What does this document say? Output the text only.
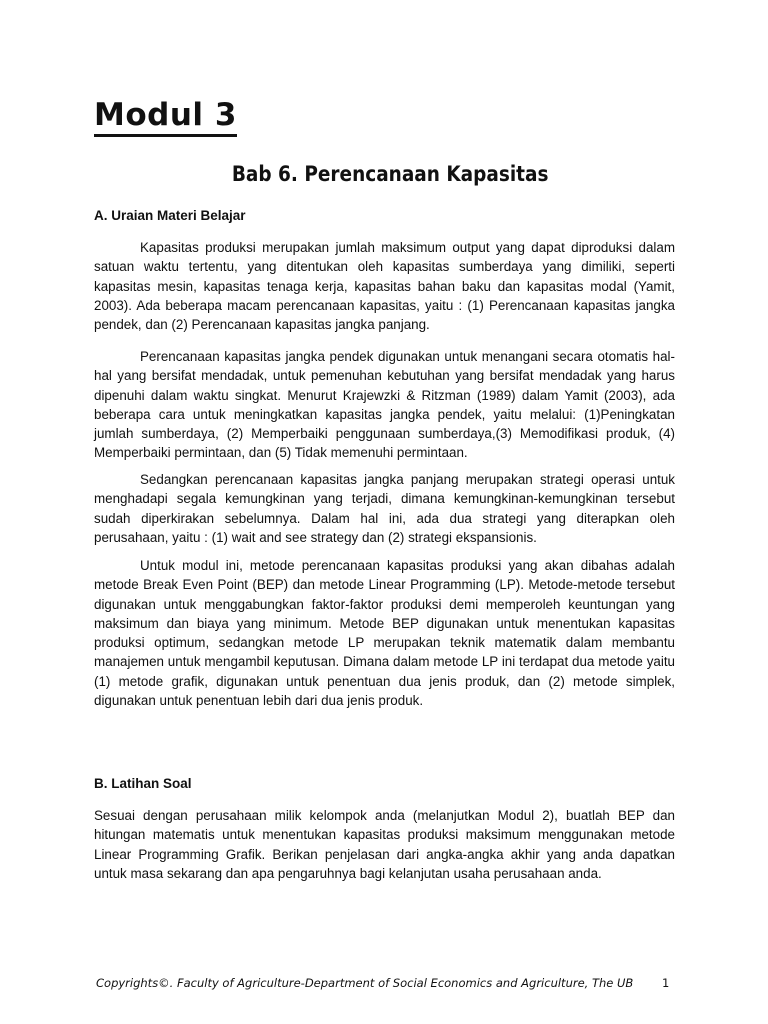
Modul 3
Bab 6. Perencanaan Kapasitas
A. Uraian Materi Belajar

Kapasitas produksi merupakan jumlah maksimum output yang dapat diproduksi dalam satuan waktu tertentu, yang ditentukan oleh kapasitas sumberdaya yang dimiliki, seperti kapasitas mesin, kapasitas tenaga kerja, kapasitas bahan baku dan kapasitas modal (Yamit, 2003). Ada beberapa macam perencanaan kapasitas, yaitu : (1) Perencanaan kapasitas jangka pendek, dan (2) Perencanaan kapasitas jangka panjang.

Perencanaan kapasitas jangka pendek digunakan untuk menangani secara otomatis hal-hal yang bersifat mendadak, untuk pemenuhan kebutuhan yang bersifat mendadak yang harus dipenuhi dalam waktu singkat. Menurut Krajewzki & Ritzman (1989) dalam Yamit (2003), ada beberapa cara untuk meningkatkan kapasitas jangka pendek, yaitu melalui: (1)Peningkatan jumlah sumberdaya, (2) Memperbaiki penggunaan sumberdaya,(3) Memodifikasi produk, (4) Memperbaiki permintaan, dan (5) Tidak memenuhi permintaan.

Sedangkan perencanaan kapasitas jangka panjang merupakan strategi operasi untuk menghadapi segala kemungkinan yang terjadi, dimana kemungkinan-kemungkinan tersebut sudah diperkirakan sebelumnya. Dalam hal ini, ada dua strategi yang diterapkan oleh perusahaan, yaitu : (1) wait and see strategy dan (2) strategi ekspansionis.

Untuk modul ini, metode perencanaan kapasitas produksi yang akan dibahas adalah metode Break Even Point (BEP) dan metode Linear Programming (LP). Metode-metode tersebut digunakan untuk menggabungkan faktor-faktor produksi demi memperoleh keuntungan yang maksimum dan biaya yang minimum. Metode BEP digunakan untuk menentukan kapasitas produksi optimum, sedangkan metode LP merupakan teknik matematik dalam membantu manajemen untuk mengambil keputusan. Dimana dalam metode LP ini terdapat dua metode yaitu (1) metode grafik, digunakan untuk penentuan dua jenis produk, dan (2) metode simplek, digunakan untuk penentuan lebih dari dua jenis produk.

B. Latihan Soal

Sesuai dengan perusahaan milik kelompok anda (melanjutkan Modul 2), buatlah BEP dan hitungan matematis untuk menentukan kapasitas produksi maksimum menggunakan metode Linear Programming Grafik. Berikan penjelasan dari angka-angka akhir yang anda dapatkan untuk masa sekarang dan apa pengaruhnya bagi kelanjutan usaha perusahaan anda.

Copyrights©. Faculty of Agriculture-Department of Social Economics and Agriculture, The UB	1
